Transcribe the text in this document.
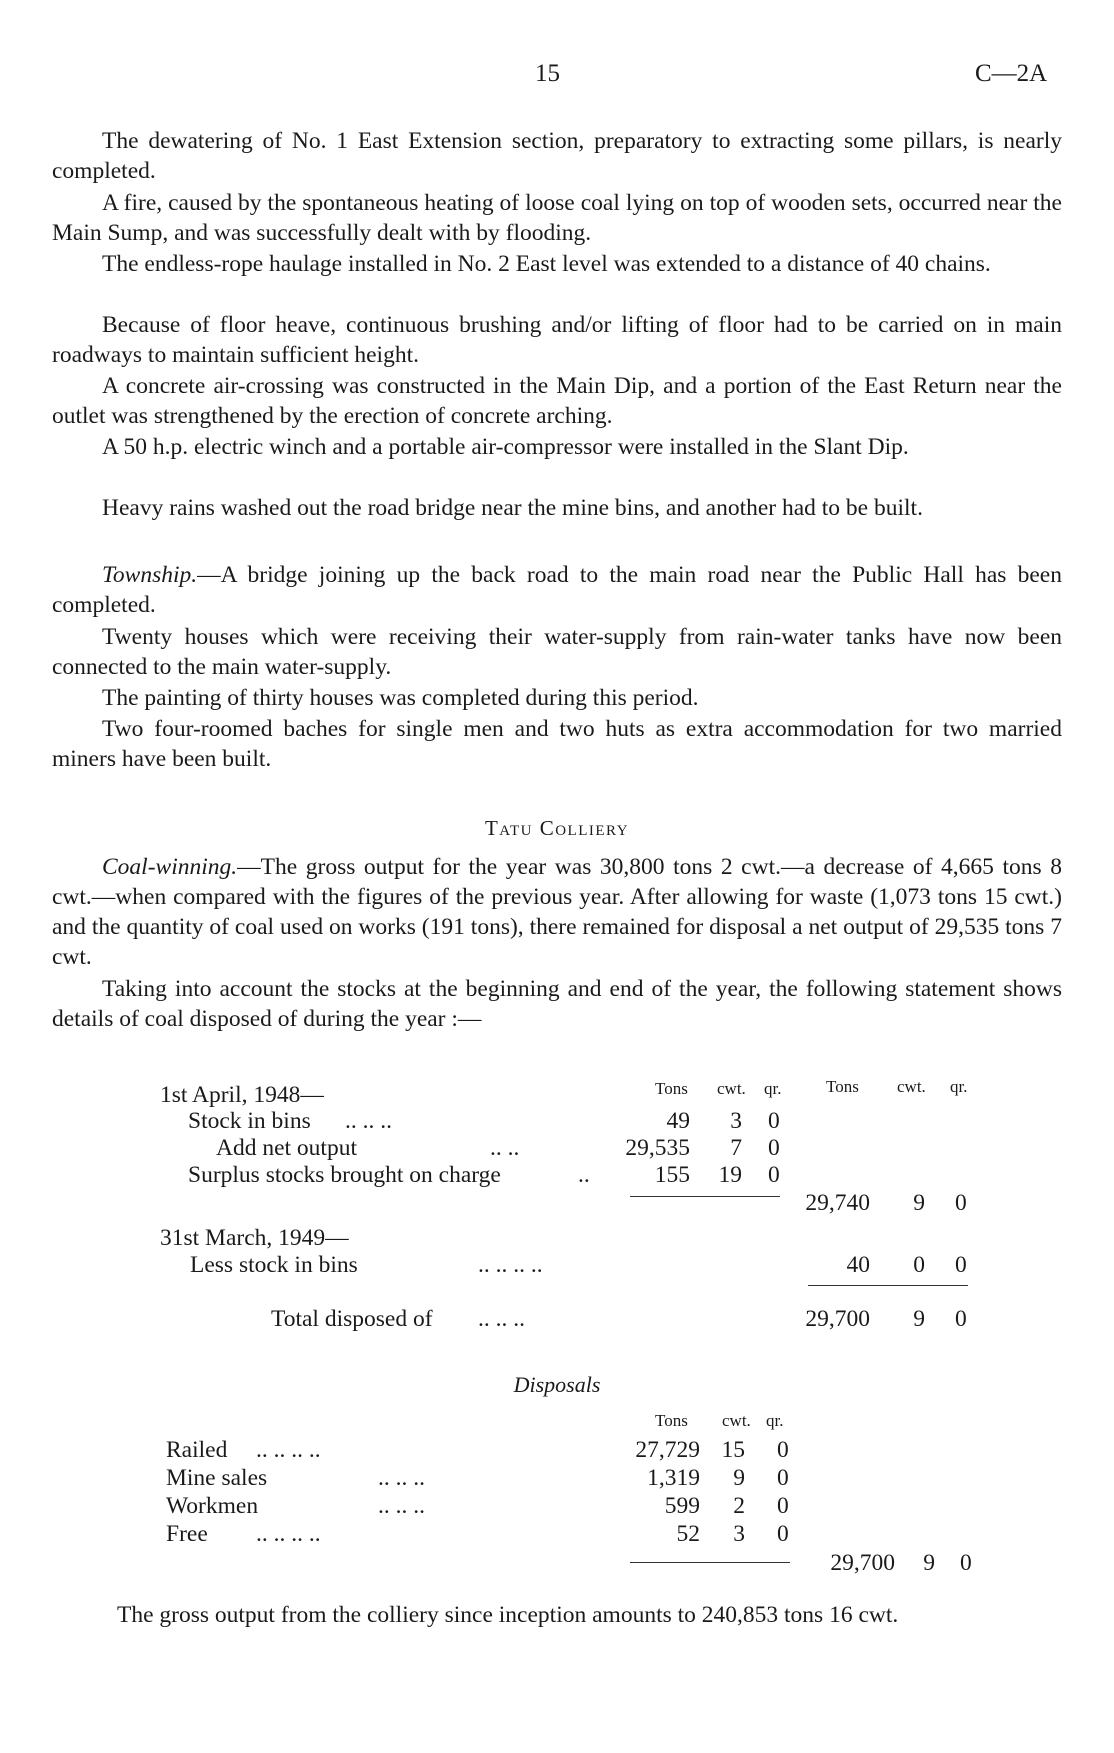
15	C—2A

The dewatering of No. 1 East Extension section, preparatory to extracting some pillars, is nearly completed.

A fire, caused by the spontaneous heating of loose coal lying on top of wooden sets, occurred near the Main Sump, and was successfully dealt with by flooding.

The endless-rope haulage installed in No. 2 East level was extended to a distance of 40 chains.

Because of floor heave, continuous brushing and/or lifting of floor had to be carried on in main roadways to maintain sufficient height.

A concrete air-crossing was constructed in the Main Dip, and a portion of the East Return near the outlet was strengthened by the erection of concrete arching.

A 50 h.p. electric winch and a portable air-compressor were installed in the Slant Dip.

Heavy rains washed out the road bridge near the mine bins, and another had to be built.

Township.—A bridge joining up the back road to the main road near the Public Hall has been completed.

Twenty houses which were receiving their water-supply from rain-water tanks have now been connected to the main water-supply.

The painting of thirty houses was completed during this period.

Two four-roomed baches for single men and two huts as extra accommodation for two married miners have been built.

Tatu Colliery

Coal-winning.—The gross output for the year was 30,800 tons 2 cwt.—a decrease of 4,665 tons 8 cwt.—when compared with the figures of the previous year. After allowing for waste (1,073 tons 15 cwt.) and the quantity of coal used on works (191 tons), there remained for disposal a net output of 29,535 tons 7 cwt.

Taking into account the stocks at the beginning and end of the year, the following statement shows details of coal disposed of during the year :—

Tons cwt. qr.	Tons cwt. qr.
1st April, 1948—
Stock in bins .. .. ..	49	3 0
Add net output	.. ..	29,535	7 0
Surplus stocks brought on charge	..	155 19 0
29,740	9 0
31st March, 1949—
Less stock in bins	.. .. .. ..	40	0 0
Total disposed of .. .. ..	29,700	9 0
Disposals
Tons cwt. qr.
Railed .. .. .. ..	27,729 15 0
Mine sales	.. .. ..	1,319	9 0
Workmen	.. .. ..	599	2 0
Free .. .. .. ..	52	3 0
29,700	9 0

The gross output from the colliery since inception amounts to 240,853 tons 16 cwt.
